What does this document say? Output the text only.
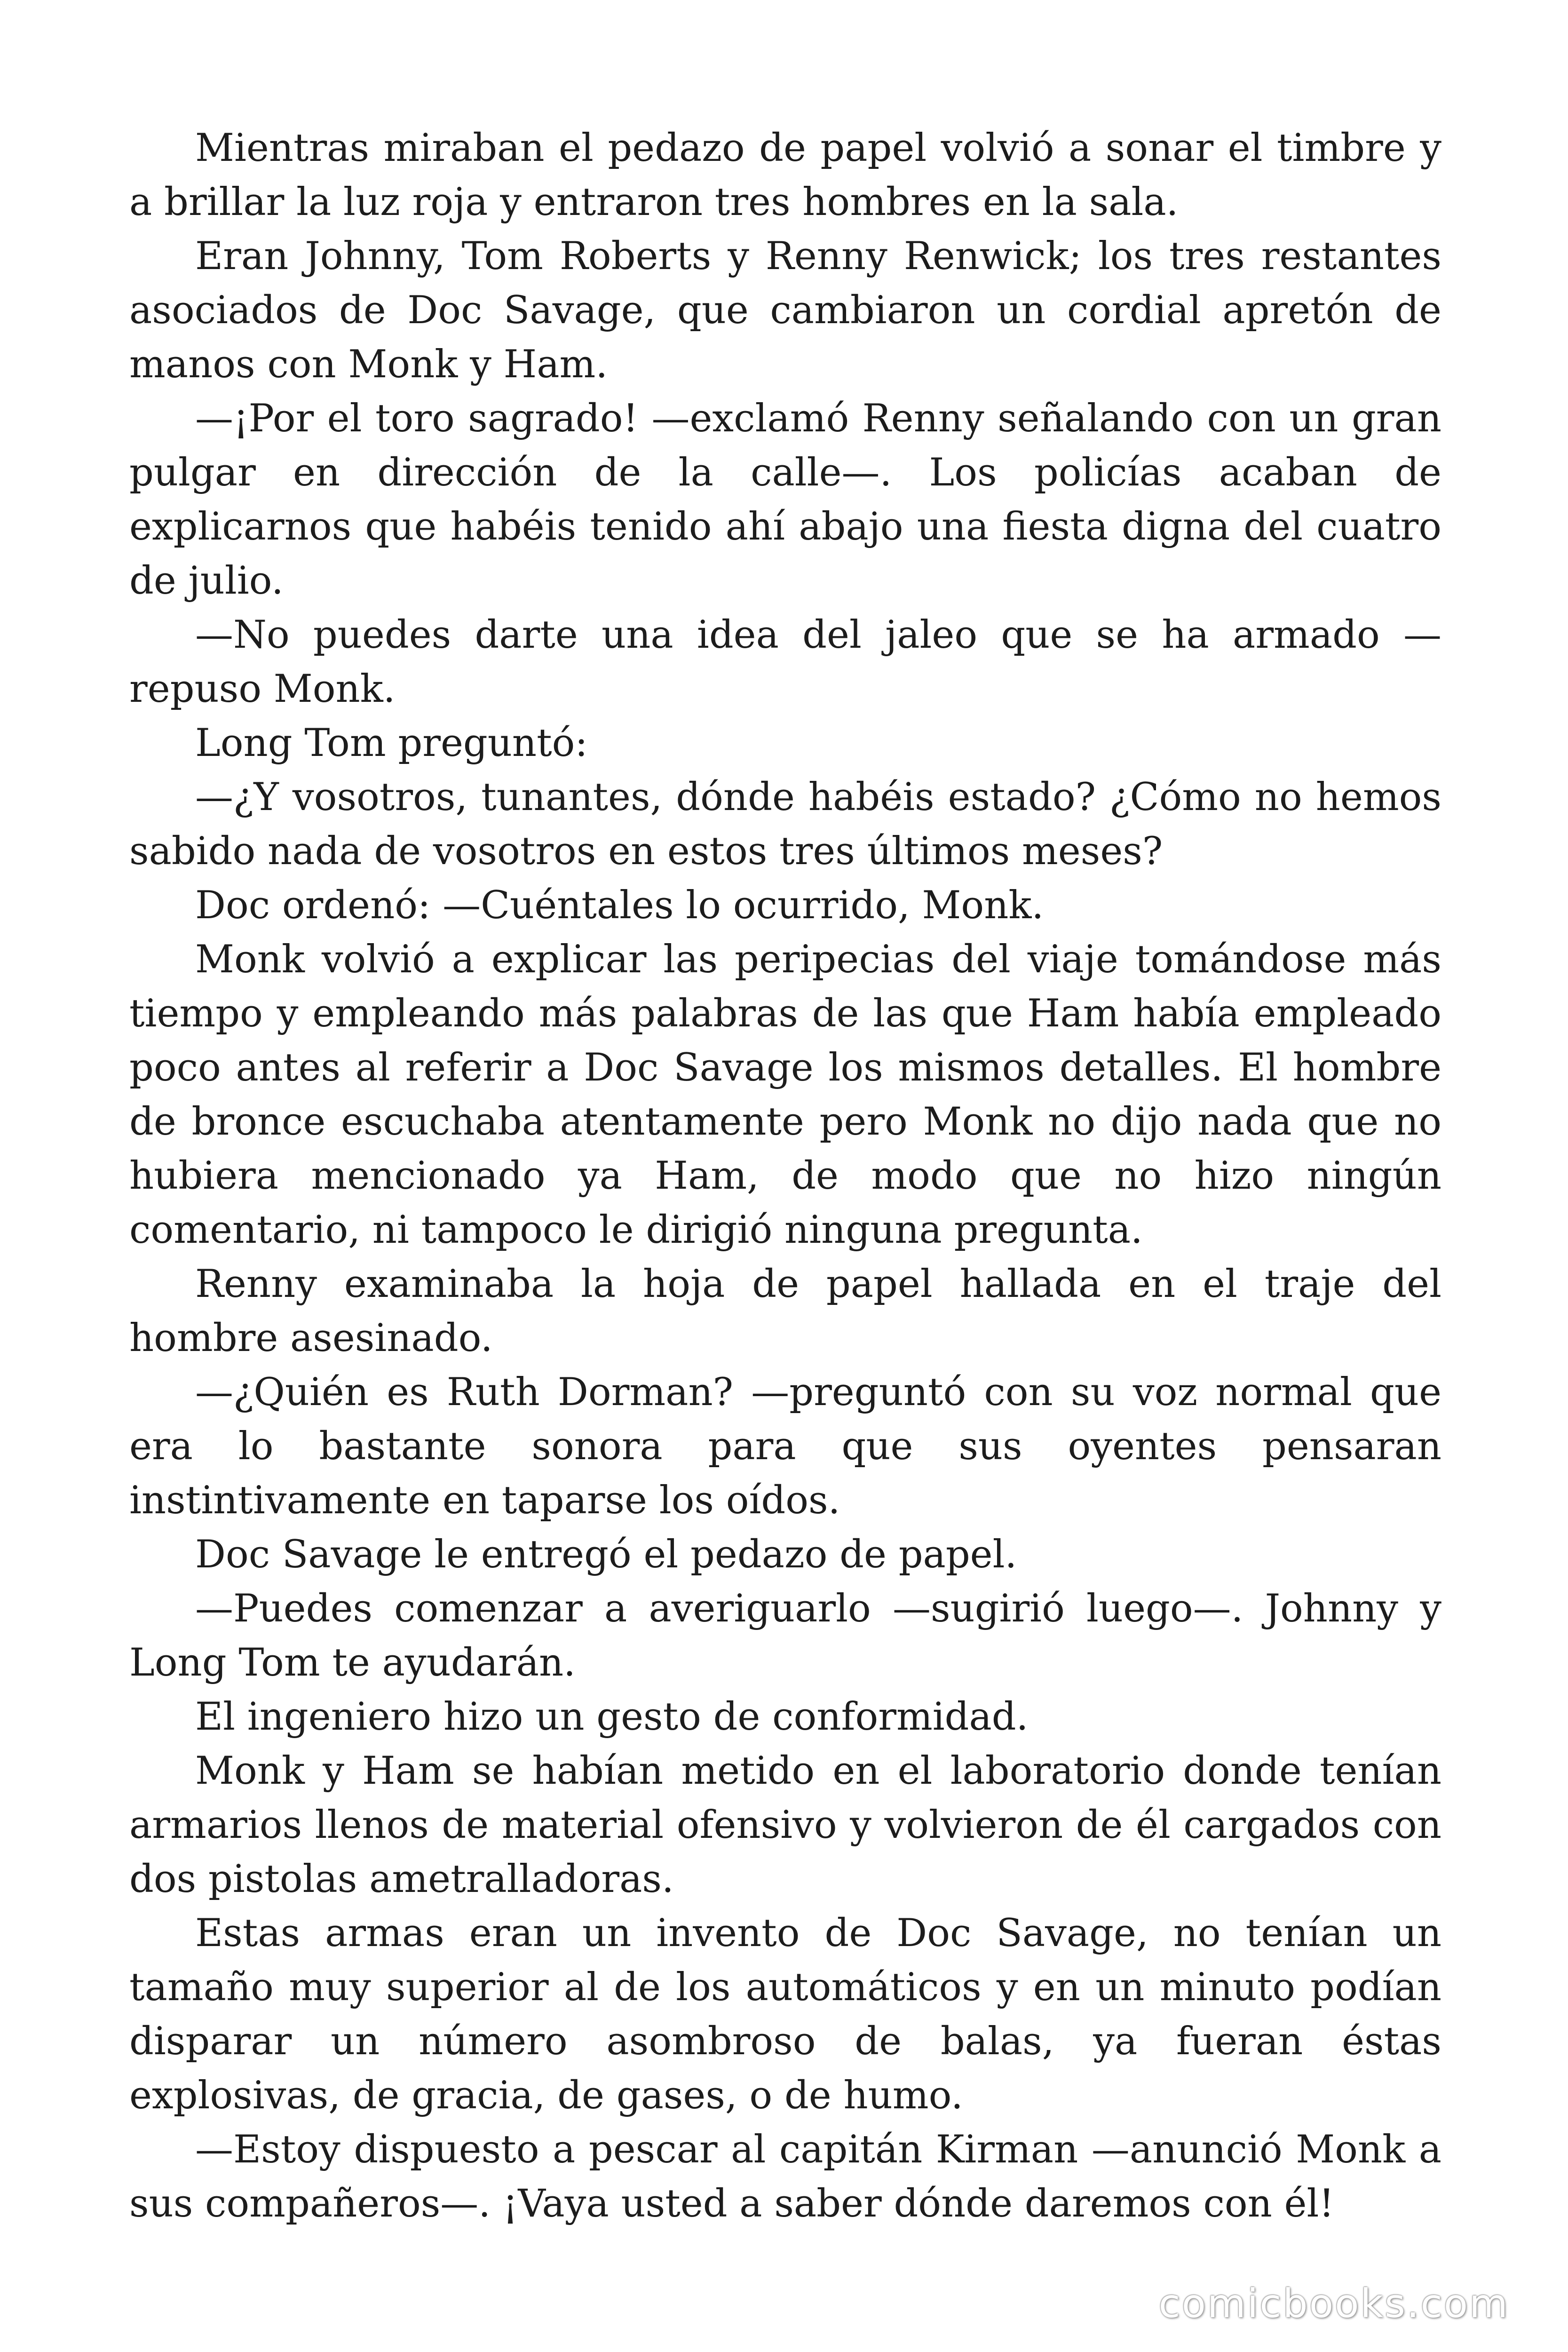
Mientras miraban el pedazo de papel volvió a sonar el timbre y a brillar la luz roja y entraron tres hombres en la sala.

Eran Johnny, Tom Roberts y Renny Renwick; los tres restantes asociados de Doc Savage, que cambiaron un cordial apretón de manos con Monk y Ham.

—¡Por el toro sagrado! —exclamó Renny señalando con un gran pulgar en dirección de la calle—. Los policías acaban de explicarnos que habéis tenido ahí abajo una fiesta digna del cuatro de julio.

—No puedes darte una idea del jaleo que se ha armado —repuso Monk.

Long Tom preguntó:

—¿Y vosotros, tunantes, dónde habéis estado? ¿Cómo no hemos sabido nada de vosotros en estos tres últimos meses?

Doc ordenó: —Cuéntales lo ocurrido, Monk.

Monk volvió a explicar las peripecias del viaje tomándose más tiempo y empleando más palabras de las que Ham había empleado poco antes al referir a Doc Savage los mismos detalles. El hombre de bronce escuchaba atentamente pero Monk no dijo nada que no hubiera mencionado ya Ham, de modo que no hizo ningún comentario, ni tampoco le dirigió ninguna pregunta.

Renny examinaba la hoja de papel hallada en el traje del hombre asesinado.

—¿Quién es Ruth Dorman? —preguntó con su voz normal que era lo bastante sonora para que sus oyentes pensaran instintivamente en taparse los oídos.

Doc Savage le entregó el pedazo de papel.

—Puedes comenzar a averiguarlo —sugirió luego—. Johnny y Long Tom te ayudarán.

El ingeniero hizo un gesto de conformidad.

Monk y Ham se habían metido en el laboratorio donde tenían armarios llenos de material ofensivo y volvieron de él cargados con dos pistolas ametralladoras.

Estas armas eran un invento de Doc Savage, no tenían un tamaño muy superior al de los automáticos y en un minuto podían disparar un número asombroso de balas, ya fueran éstas explosivas, de gracia, de gases, o de humo.

—Estoy dispuesto a pescar al capitán Kirman —anunció Monk a sus compañeros—. ¡Vaya usted a saber dónde daremos con él!

comicbooks.com
